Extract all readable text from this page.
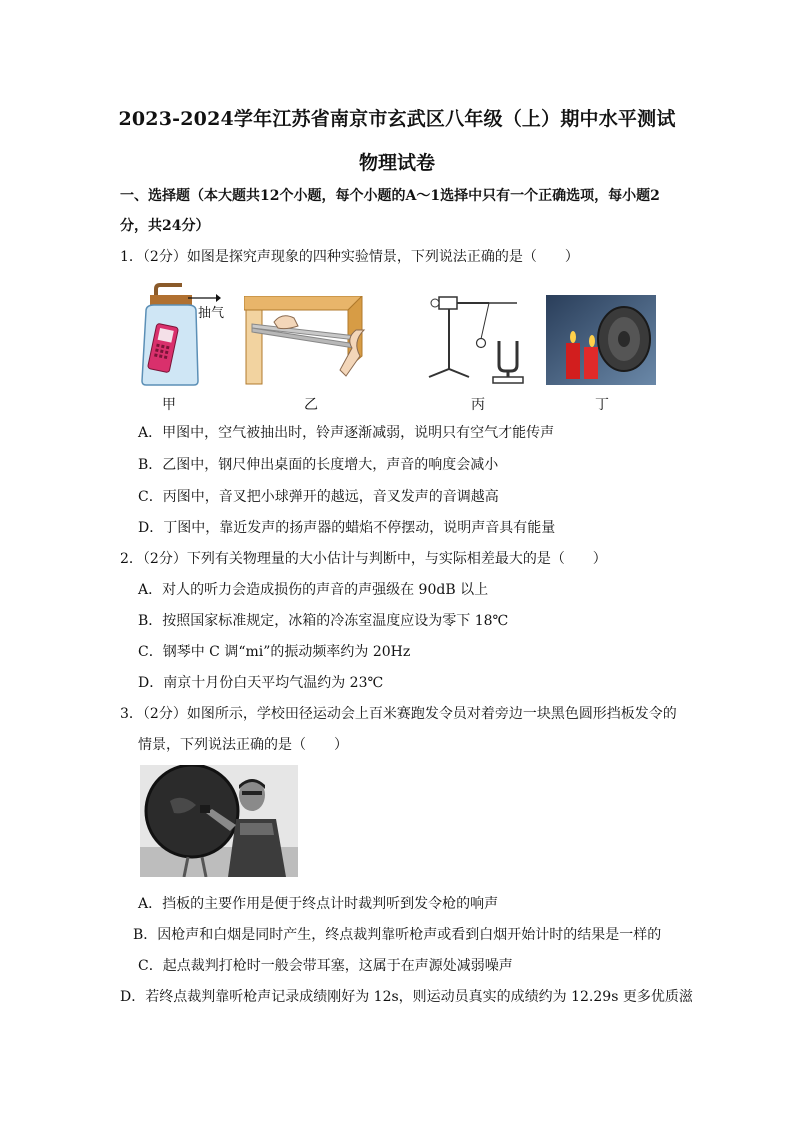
2023-2024学年江苏省南京市玄武区八年级（上）期中水平测试
物理试卷
一、选择题（本大题共12个小题，每个小题的A～1选择中只有一个正确选项，每小题2
分，共24分）
1．（2分）如图是探究声现象的四种实验情景，下列说法正确的是（　　）
抽气
甲	乙	丙	丁
A．甲图中，空气被抽出时，铃声逐渐减弱，说明只有空气才能传声
B．乙图中，钢尺伸出桌面的长度增大，声音的响度会减小
C．丙图中，音叉把小球弹开的越远，音叉发声的音调越高
D．丁图中，靠近发声的扬声器的蜡焰不停摆动，说明声音具有能量
2．（2分）下列有关物理量的大小估计与判断中，与实际相差最大的是（　　）
A．对人的听力会造成损伤的声音的声强级在 90dB 以上
B．按照国家标准规定，冰箱的冷冻室温度应设为零下 18℃
C．钢琴中 C 调“mi”的振动频率约为 20Hz
D．南京十月份白天平均气温约为 23℃
3．（2分）如图所示，学校田径运动会上百米赛跑发令员对着旁边一块黑色圆形挡板发令的
情景，下列说法正确的是（　　）
A．挡板的主要作用是便于终点计时裁判听到发令枪的响声
B．因枪声和白烟是同时产生，终点裁判靠听枪声或看到白烟开始计时的结果是一样的
C．起点裁判打枪时一般会带耳塞，这属于在声源处减弱噪声
D．若终点裁判靠听枪声记录成绩刚好为 12s，则运动员真实的成绩约为 12.29s 更多优质滋
